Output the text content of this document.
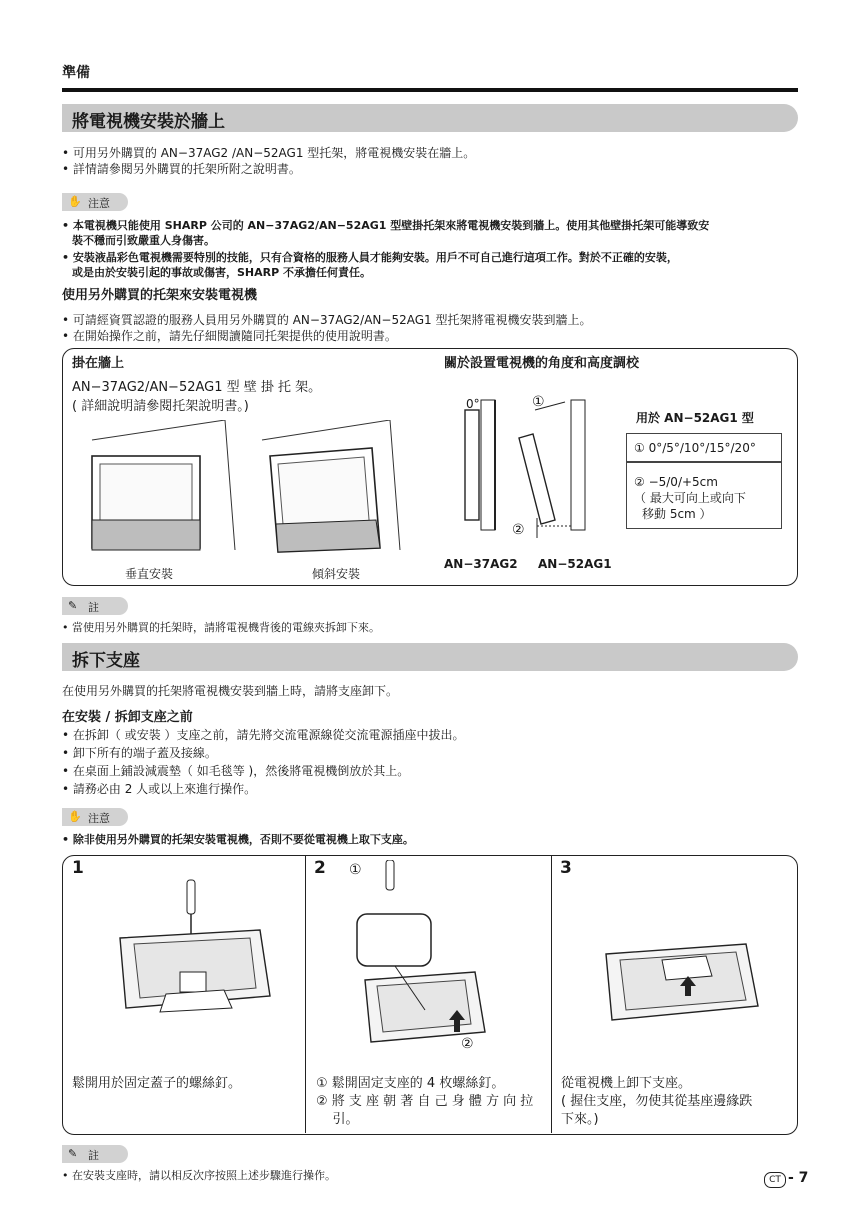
準備
將電視機安裝於牆上
• 可用另外購買的 AN−37AG2 /AN−52AG1 型托架，將電視機安裝在牆上。
• 詳情請參閱另外購買的托架所附之說明書。
✋ 注意
• 本電視機只能使用 SHARP 公司的 AN−37AG2/AN−52AG1 型壁掛托架來將電視機安裝到牆上。使用其他壁掛托架可能導致安
裝不穩而引致嚴重人身傷害。
• 安裝液晶彩色電視機需要特別的技能，只有合資格的服務人員才能夠安裝。用戶不可自己進行這項工作。對於不正確的安裝，
或是由於安裝引起的事故或傷害，SHARP 不承擔任何責任。
使用另外購買的托架來安裝電視機
• 可請經資質認證的服務人員用另外購買的 AN−37AG2/AN−52AG1 型托架將電視機安裝到牆上。
• 在開始操作之前，請先仔細閱讀隨同托架提供的使用說明書。
掛在牆上
AN−37AG2/AN−52AG1 型 壁 掛 托 架。
( 詳細說明請參閱托架說明書。)
垂直安裝	傾斜安裝
關於設置電視機的角度和高度調校
0°	①
②
AN−37AG2 AN−52AG1
用於 AN−52AG1 型
① 0°/5°/10°/15°/20°
② −5/0/+5cm
（ 最大可向上或向下
移動 5cm ）
✎ 註
• 當使用另外購買的托架時，請將電視機背後的電線夾拆卸下來。
拆下支座
在使用另外購買的托架將電視機安裝到牆上時，請將支座卸下。
在安裝 / 拆卸支座之前
• 在拆卸（ 或安裝 ）支座之前，請先將交流電源線從交流電源插座中拔出。
• 卸下所有的端子蓋及接線。
• 在桌面上鋪設減震墊（ 如毛毯等 )，然後將電視機倒放於其上。
• 請務必由 2 人或以上來進行操作。
✋ 注意
• 除非使用另外購買的托架安裝電視機，否則不要從電視機上取下支座。
1	2	3
①
②
鬆開用於固定蓋子的螺絲釘。	① 鬆開固定支座的 4 枚螺絲釘。
② 將 支 座 朝 著 自 己 身 體 方 向 拉
引。
從電視機上卸下支座。
( 握住支座，勿使其從基座邊緣跌
下來。)
✎ 註
• 在安裝支座時，請以相反次序按照上述步驟進行操作。	CT - 7
